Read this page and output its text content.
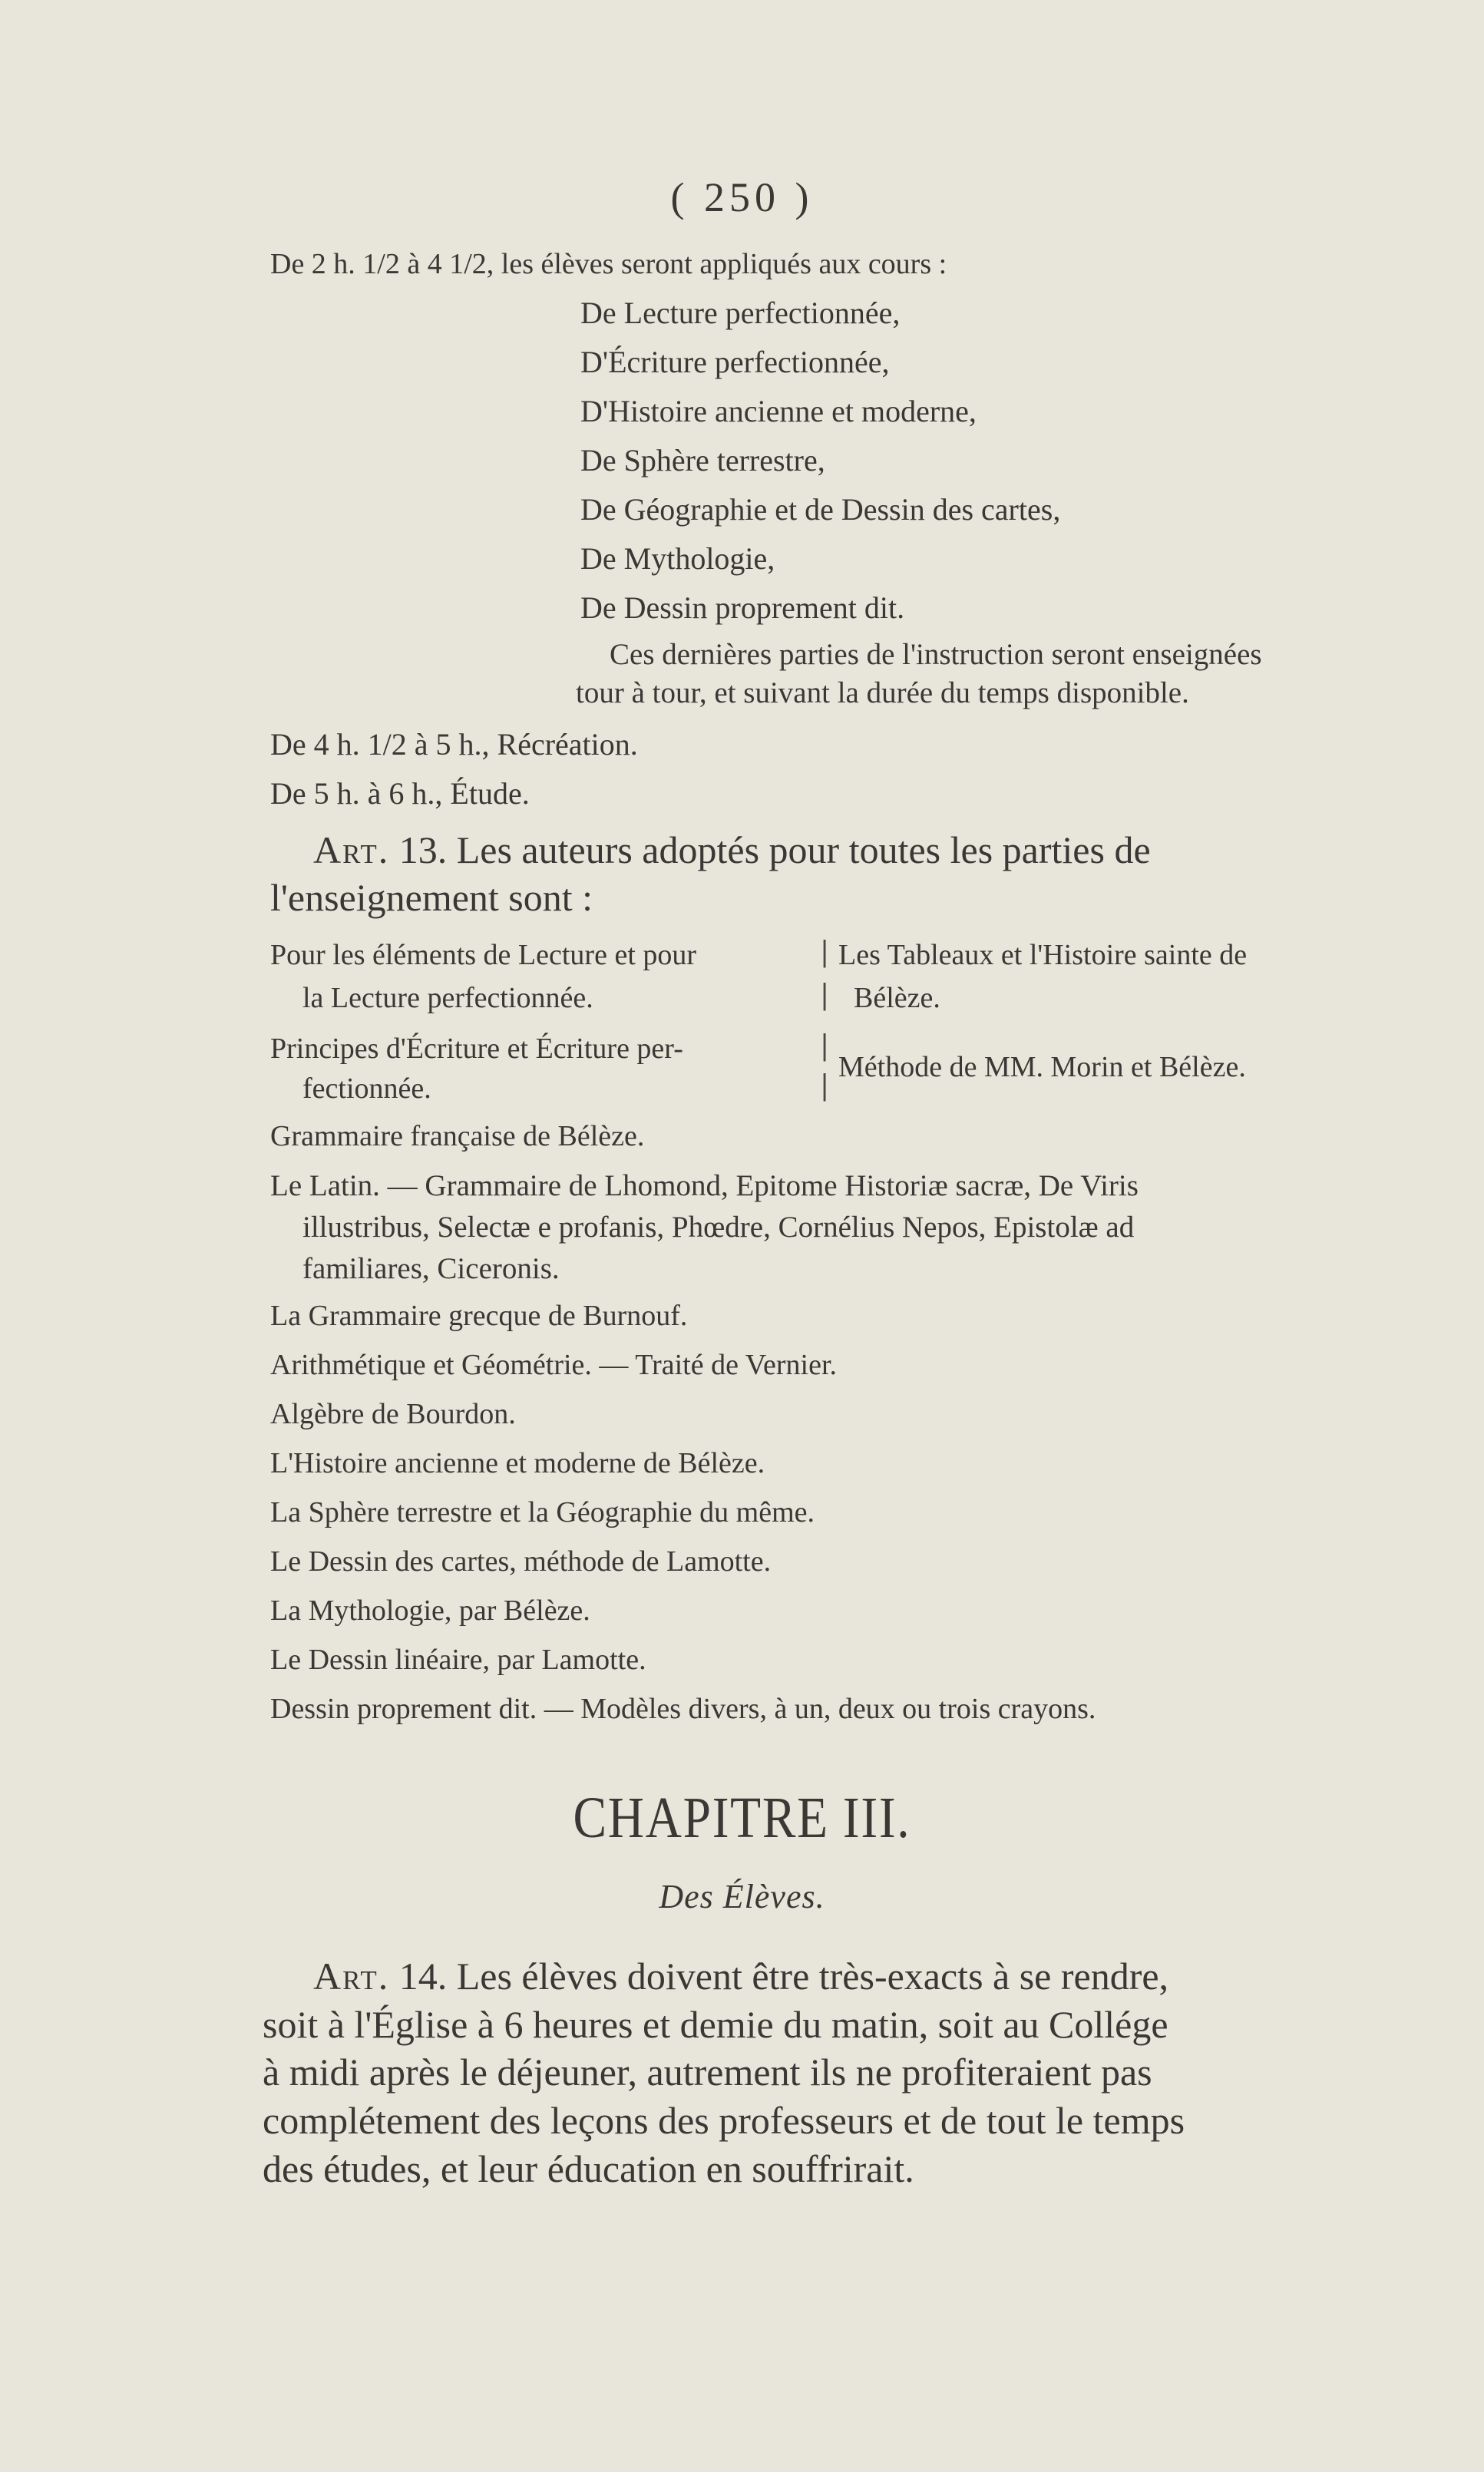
( 250 )
De 2 h. 1/2 à 4 1/2, les élèves seront appliqués aux cours :
De Lecture perfectionnée,
D'Écriture perfectionnée,
D'Histoire ancienne et moderne,
De Sphère terrestre,
De Géographie et de Dessin des cartes,
De Mythologie,
De Dessin proprement dit.
Ces dernières parties de l'instruction seront enseignées
tour à tour, et suivant la durée du temps disponible.
De 4 h. 1/2 à 5 h., Récréation.
De 5 h. à 6 h., Étude.
Art. 13. Les auteurs adoptés pour toutes les parties de
l'enseignement sont :
Pour les éléments de Lecture et pour
la Lecture perfectionnée.
|
|
Les Tableaux et l'Histoire sainte de
Bélèze.
Principes d'Écriture et Écriture per-
fectionnée.
|
|
Méthode de MM. Morin et Bélèze.
Grammaire française de Bélèze.
Le Latin. — Grammaire de Lhomond, Epitome Historiæ sacræ, De Viris
illustribus, Selectæ e profanis, Phœdre, Cornélius Nepos, Epistolæ ad
familiares, Ciceronis.
La Grammaire grecque de Burnouf.
Arithmétique et Géométrie. — Traité de Vernier.
Algèbre de Bourdon.
L'Histoire ancienne et moderne de Bélèze.
La Sphère terrestre et la Géographie du même.
Le Dessin des cartes, méthode de Lamotte.
La Mythologie, par Bélèze.
Le Dessin linéaire, par Lamotte.
Dessin proprement dit. — Modèles divers, à un, deux ou trois crayons.
CHAPITRE III.
Des Élèves.
Art. 14. Les élèves doivent être très-exacts à se rendre,
soit à l'Église à 6 heures et demie du matin, soit au Collége
à midi après le déjeuner, autrement ils ne profiteraient pas
complétement des leçons des professeurs et de tout le temps
des études, et leur éducation en souffrirait.
